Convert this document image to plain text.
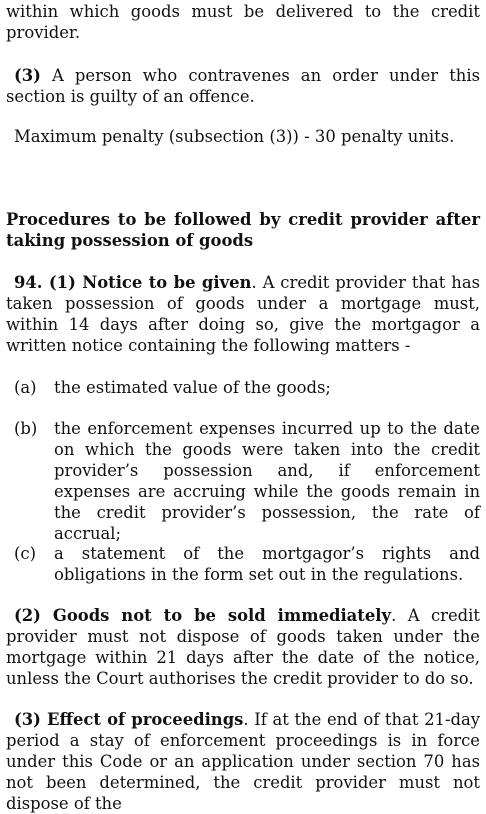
within which goods must be delivered to the credit provider.

(3) A person who contravenes an order under this section is guilty of an offence.

Maximum penalty (subsection (3)) - 30 penalty units.

Procedures to be followed by credit provider after taking possession of goods

94. (1) Notice to be given. A credit provider that has taken possession of goods under a mortgage must, within 14 days after doing so, give the mortgagor a written notice containing the following matters -

(a)	the estimated value of the goods;
(b)	the enforcement expenses incurred up to the date on which the goods were taken into the credit provider’s possession and, if enforcement expenses are accruing while the goods remain in the credit provider’s possession, the rate of accrual;
(c)	a statement of the mortgagor’s rights and obligations in the form set out in the regulations.

(2) Goods not to be sold immediately. A credit provider must not dispose of goods taken under the mortgage within 21 days after the date of the notice, unless the Court authorises the credit provider to do so.

(3) Effect of proceedings. If at the end of that 21-day period a stay of enforcement proceedings is in force under this Code or an application under section 70 has not been determined, the credit provider must not dispose of the
